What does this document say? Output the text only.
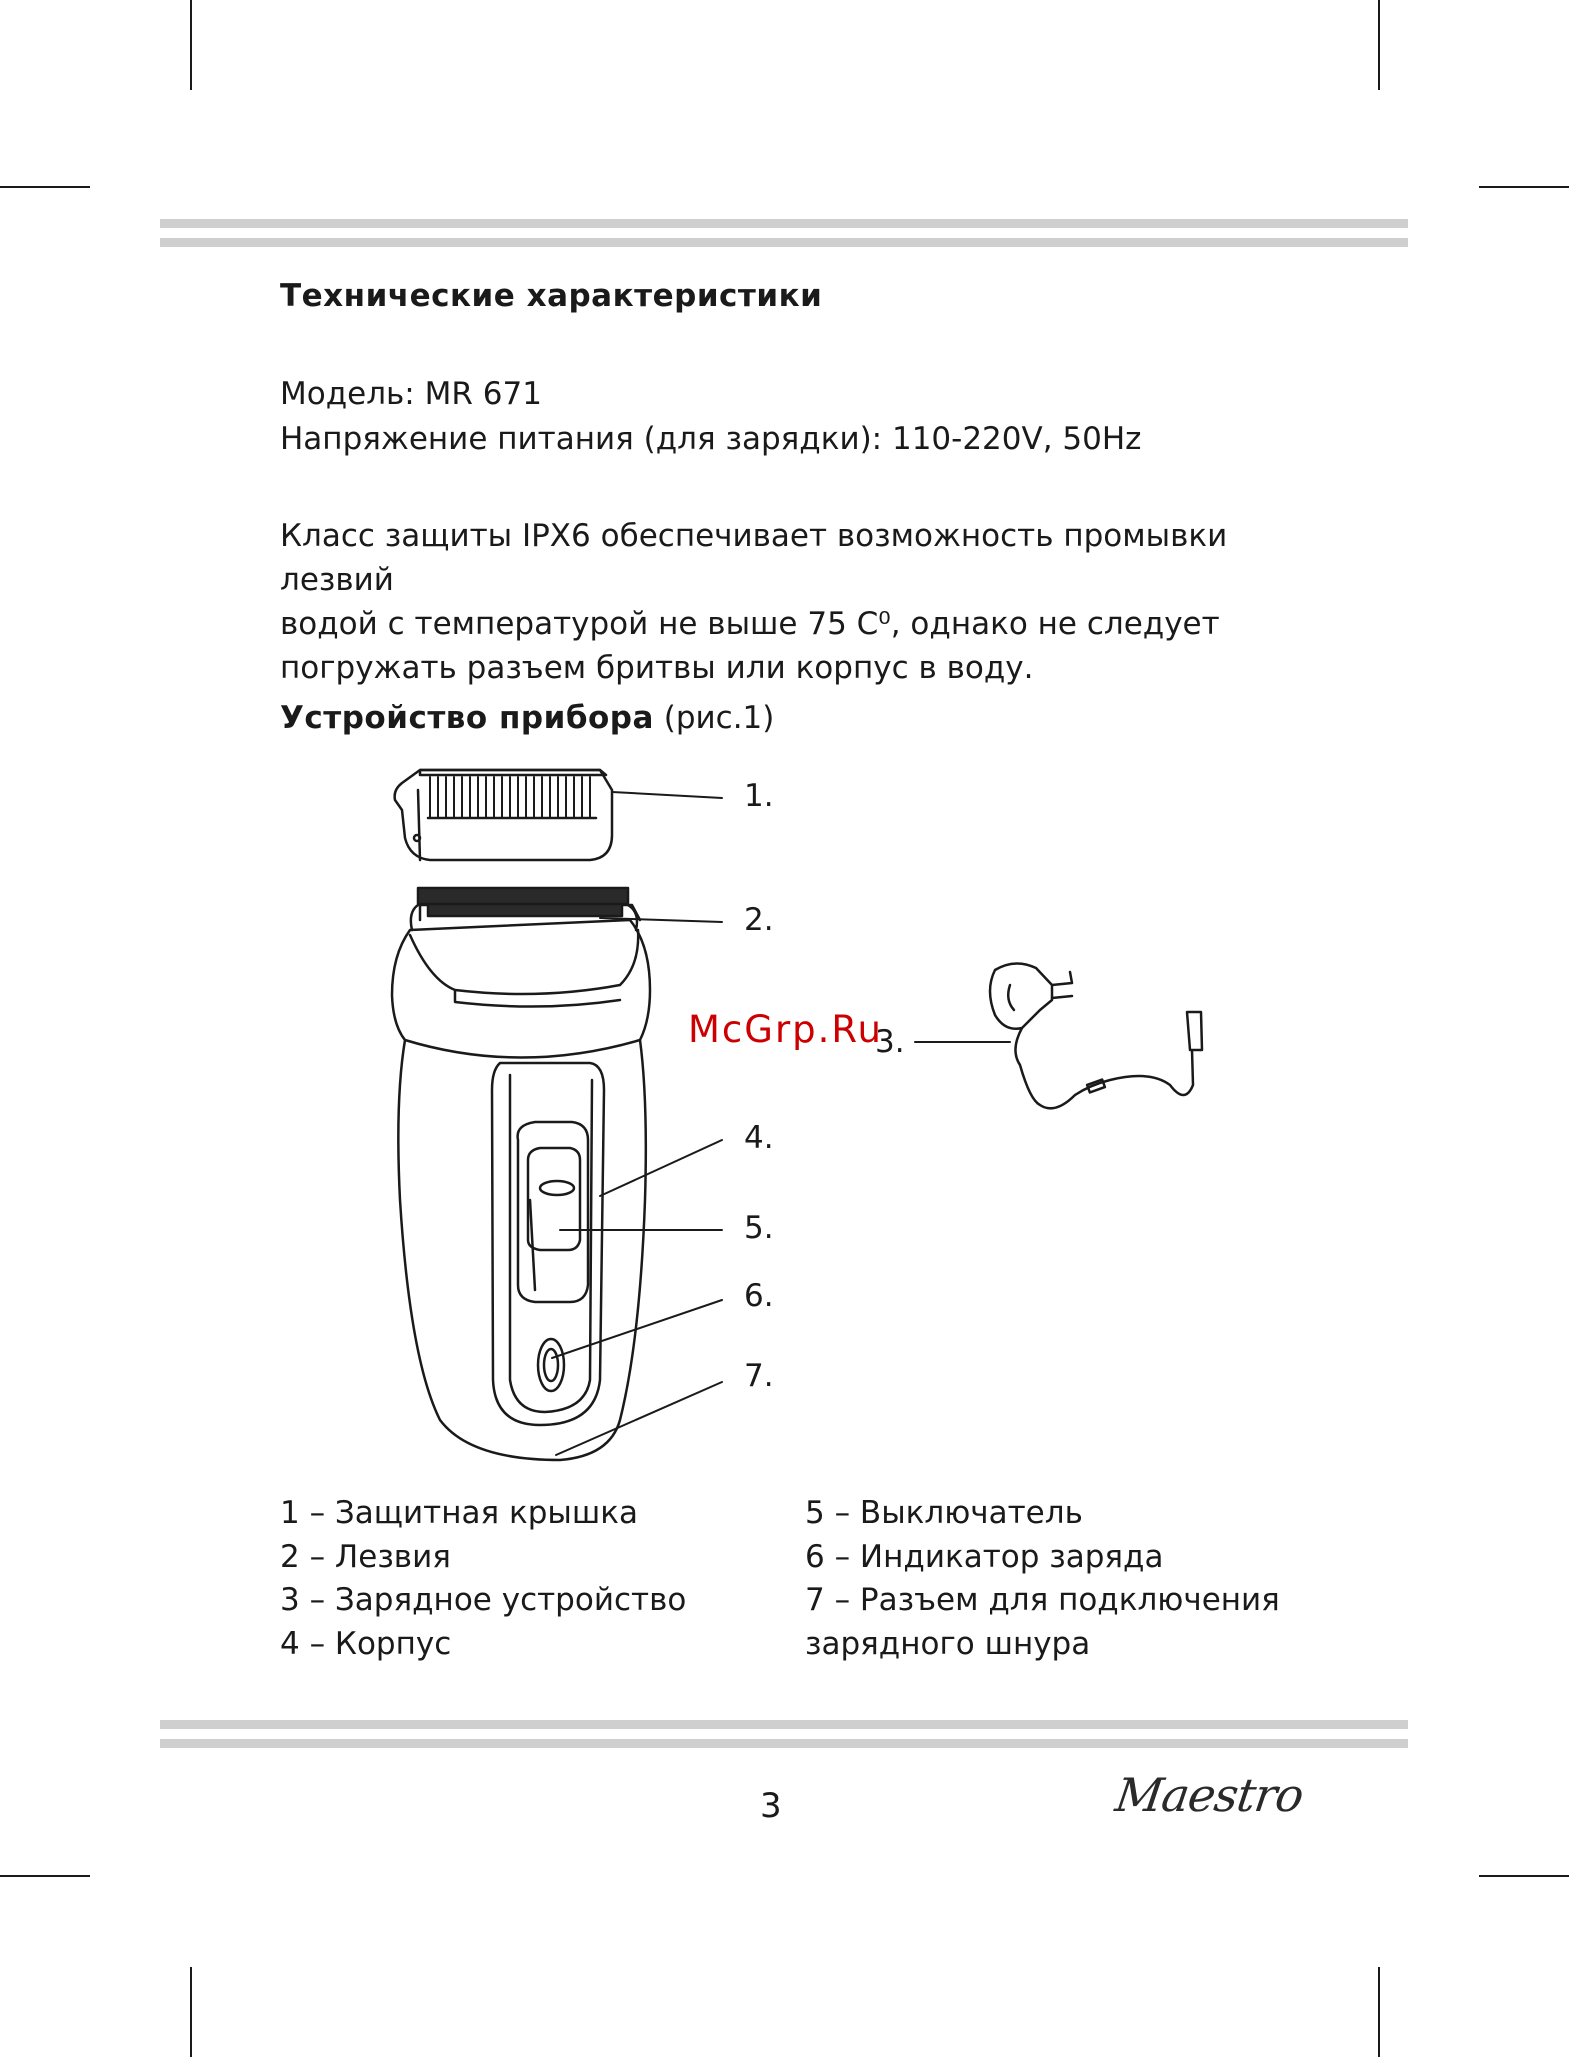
Технические характеристики
Модель: MR 671
Напряжение питания (для зарядки): 110-220V, 50Hz
Класс защиты IPX6 обеспечивает возможность промывки лезвий
водой с температурой не выше 75 С⁰, однако не следует
погружать разъем бритвы или корпус в воду.
Устройство прибора (рис.1)
1.
2.
3.
4.
5.
6.
7.
McGrp.Ru
1 – Защитная крышка
2 – Лезвия
3 – Зарядное устройство
4 – Корпус
5 – Выключатель
6 – Индикатор заряда
7 – Разъем для подключения
зарядного шнура
3	Maestro
